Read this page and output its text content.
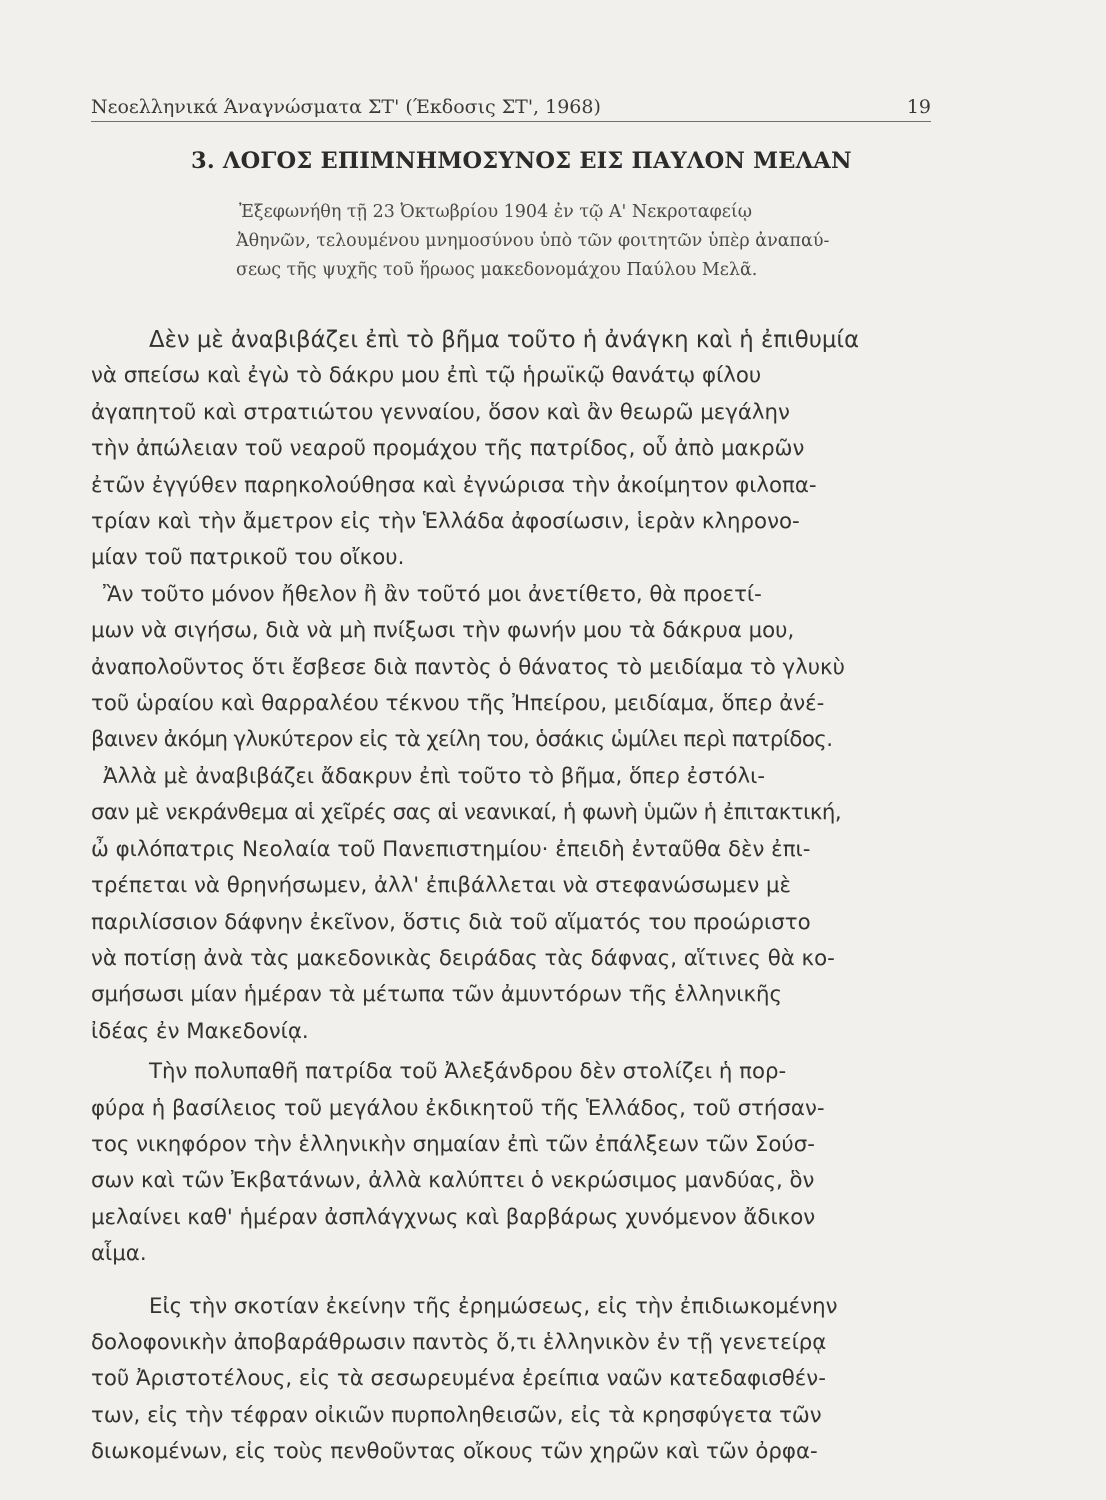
Νεοελληνικά Άναγνώσματα ΣΤ' (Έκδοσις ΣΤ', 1968)	19
3. ΛΟΓΟΣ ΕΠΙΜΝΗΜΟΣΥΝΟΣ ΕΙΣ ΠΑΥΛΟΝ ΜΕΛΑΝ
Ἐξεφωνήθη τῇ 23 Ὀκτωβρίου 1904 ἐν τῷ Α' Νεκροταφείῳ
Ἀθηνῶν, τελουμένου μνημοσύνου ὑπὸ τῶν φοιτητῶν ὑπὲρ ἀναπαύ-
σεως τῆς ψυχῆς τοῦ ἥρωος μακεδονομάχου Παύλου Μελᾶ.
Δὲν μὲ ἀναβιβάζει ἐπὶ τὸ βῆμα τοῦτο ἡ ἀνάγκη καὶ ἡ ἐπιθυμία
νὰ σπείσω καὶ ἐγὼ τὸ δάκρυ μου ἐπὶ τῷ ἡρωϊκῷ θανάτῳ φίλου
ἀγαπητοῦ καὶ στρατιώτου γενναίου, ὅσον καὶ ἂν θεωρῶ μεγάλην
τὴν ἀπώλειαν τοῦ νεαροῦ προμάχου τῆς πατρίδος, οὗ ἀπὸ μακρῶν
ἐτῶν ἐγγύθεν παρηκολούθησα καὶ ἐγνώρισα τὴν ἀκοίμητον φιλοπα-
τρίαν καὶ τὴν ἄμετρον εἰς τὴν Ἑλλάδα ἀφοσίωσιν, ἱερὰν κληρονο-
μίαν τοῦ πατρικοῦ του οἴκου.
Ἂν τοῦτο μόνον ἤθελον ἢ ἂν τοῦτό μοι ἀνετίθετο, θὰ προετί-
μων νὰ σιγήσω, διὰ νὰ μὴ πνίξωσι τὴν φωνήν μου τὰ δάκρυα μου,
ἀναπολοῦντος ὅτι ἔσβεσε διὰ παντὸς ὁ θάνατος τὸ μειδίαμα τὸ γλυκὺ
τοῦ ὡραίου καὶ θαρραλέου τέκνου τῆς Ἠπείρου, μειδίαμα, ὅπερ ἀνέ-
βαινεν ἀκόμη γλυκύτερον εἰς τὰ χείλη του, ὁσάκις ὡμίλει περὶ πατρίδος.
Ἀλλὰ μὲ ἀναβιβάζει ἄδακρυν ἐπὶ τοῦτο τὸ βῆμα, ὅπερ ἐστόλι-
σαν μὲ νεκράνθεμα αἱ χεῖρές σας αἱ νεανικαί, ἡ φωνὴ ὑμῶν ἡ ἐπιτακτική,
ὦ φιλόπατρις Νεολαία τοῦ Πανεπιστημίου· ἐπειδὴ ἐνταῦθα δὲν ἐπι-
τρέπεται νὰ θρηνήσωμεν, ἀλλ' ἐπιβάλλεται νὰ στεφανώσωμεν μὲ
παριλίσσιον δάφνην ἐκεῖνον, ὅστις διὰ τοῦ αἵματός του προώριστο
νὰ ποτίσῃ ἀνὰ τὰς μακεδονικὰς δειράδας τὰς δάφνας, αἵτινες θὰ κο-
σμήσωσι μίαν ἡμέραν τὰ μέτωπα τῶν ἀμυντόρων τῆς ἑλληνικῆς
ἰδέας ἐν Μακεδονίᾳ.
Τὴν πολυπαθῆ πατρίδα τοῦ Ἀλεξάνδρου δὲν στολίζει ἡ πορ-
φύρα ἡ βασίλειος τοῦ μεγάλου ἐκδικητοῦ τῆς Ἑλλάδος, τοῦ στήσαν-
τος νικηφόρον τὴν ἑλληνικὴν σημαίαν ἐπὶ τῶν ἐπάλξεων τῶν Σούσ-
σων καὶ τῶν Ἐκβατάνων, ἀλλὰ καλύπτει ὁ νεκρώσιμος μανδύας, ὃν
μελαίνει καθ' ἡμέραν ἀσπλάγχνως καὶ βαρβάρως χυνόμενον ἄδικον
αἷμα.
Εἰς τὴν σκοτίαν ἐκείνην τῆς ἐρημώσεως, εἰς τὴν ἐπιδιωκομένην
δολοφονικὴν ἀποβαράθρωσιν παντὸς ὅ,τι ἑλληνικὸν ἐν τῇ γενετείρᾳ
τοῦ Ἀριστοτέλους, εἰς τὰ σεσωρευμένα ἐρείπια ναῶν κατεδαφισθέν-
των, εἰς τὴν τέφραν οἰκιῶν πυρποληθεισῶν, εἰς τὰ κρησφύγετα τῶν
διωκομένων, εἰς τοὺς πενθοῦντας οἴκους τῶν χηρῶν καὶ τῶν ὀρφα-
